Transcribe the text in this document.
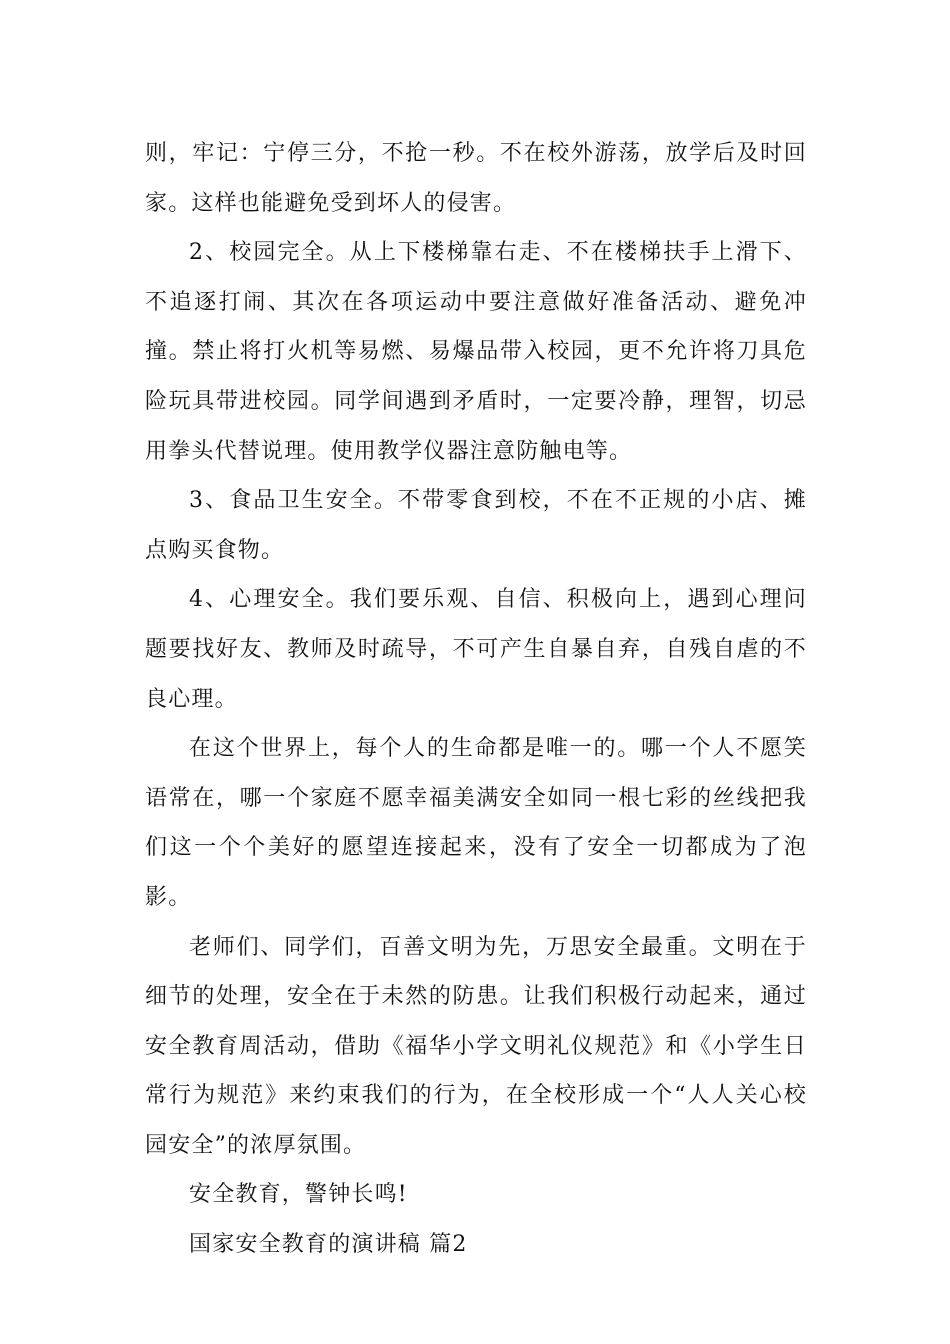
则，牢记：宁停三分，不抢一秒。不在校外游荡，放学后及时回家。这样也能避免受到坏人的侵害。

2、校园完全。从上下楼梯靠右走、不在楼梯扶手上滑下、不追逐打闹、其次在各项运动中要注意做好准备活动、避免冲撞。禁止将打火机等易燃、易爆品带入校园，更不允许将刀具危险玩具带进校园。同学间遇到矛盾时，一定要冷静，理智，切忌用拳头代替说理。使用教学仪器注意防触电等。

3、食品卫生安全。不带零食到校，不在不正规的小店、摊点购买食物。

4、心理安全。我们要乐观、自信、积极向上，遇到心理问题要找好友、教师及时疏导，不可产生自暴自弃，自残自虐的不良心理。

在这个世界上，每个人的生命都是唯一的。哪一个人不愿笑语常在，哪一个家庭不愿幸福美满安全如同一根七彩的丝线把我们这一个个美好的愿望连接起来，没有了安全一切都成为了泡影。

老师们、同学们，百善文明为先，万思安全最重。文明在于细节的处理，安全在于未然的防患。让我们积极行动起来，通过安全教育周活动，借助《福华小学文明礼仪规范》和《小学生日常行为规范》来约束我们的行为，在全校形成一个“人人关心校园安全”的浓厚氛围。

安全教育，警钟长鸣!

国家安全教育的演讲稿 篇2
